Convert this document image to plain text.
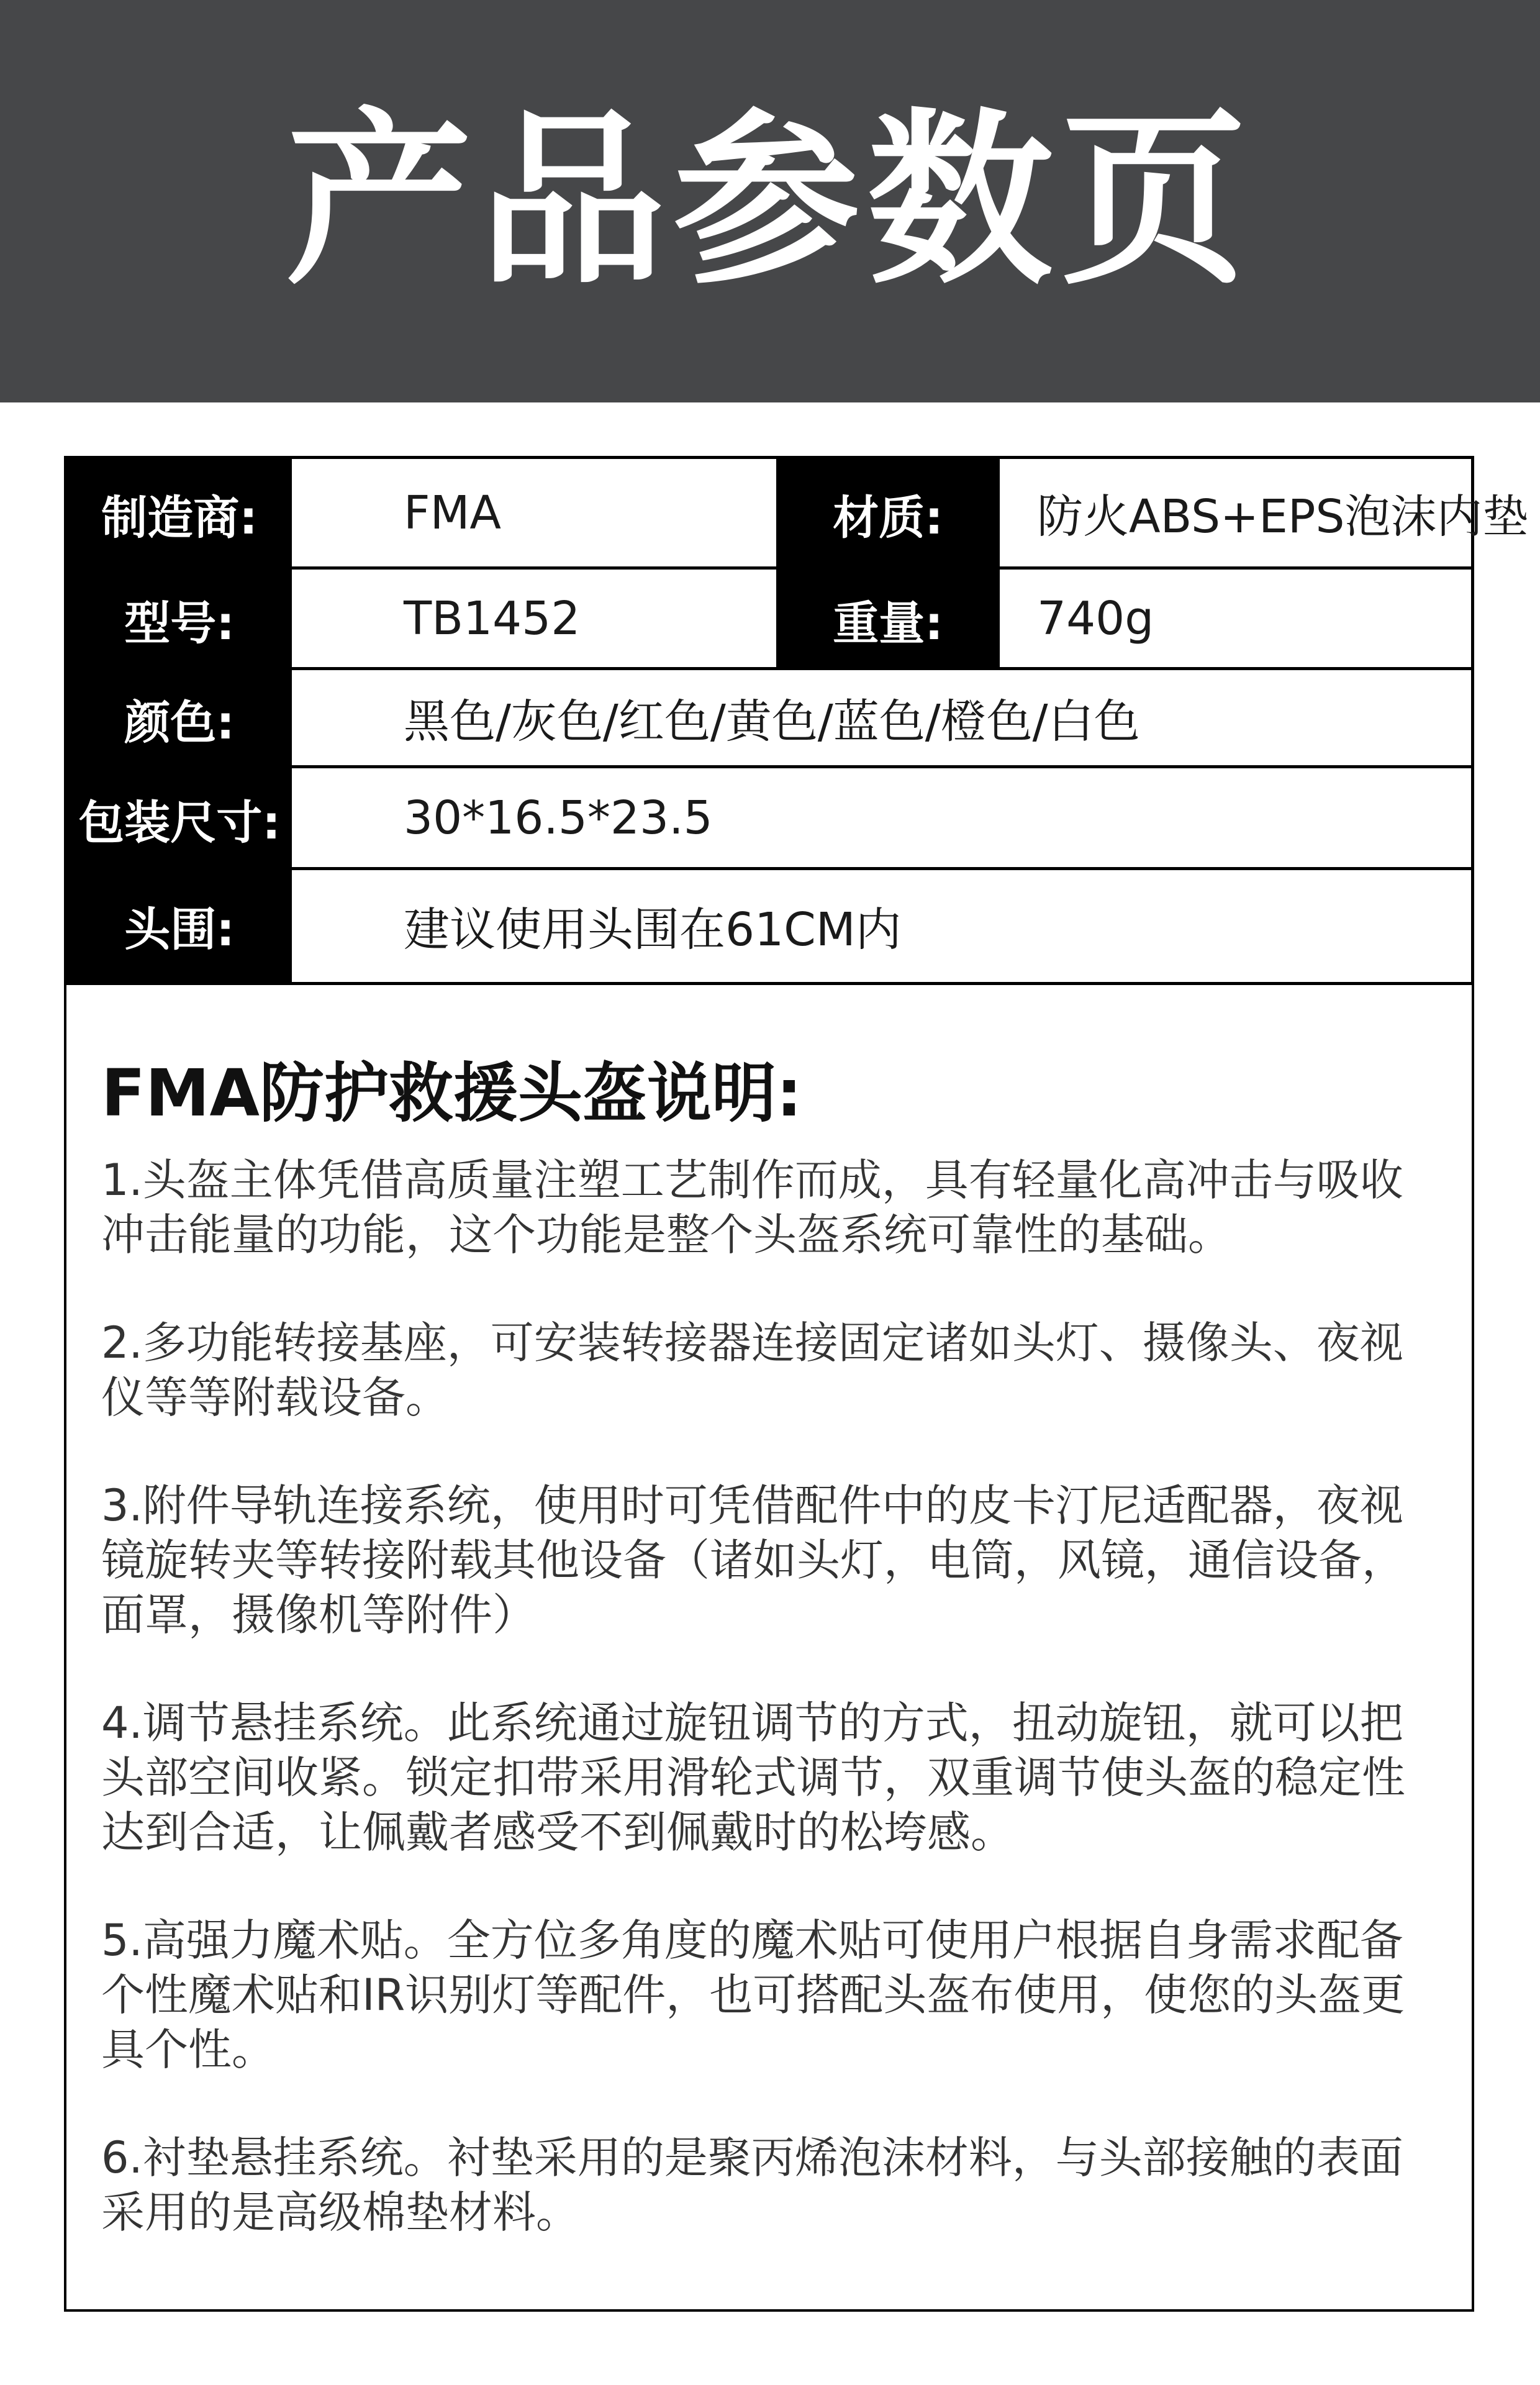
产品参数页
制造商:	FMA	材质:	防火ABS+EPS泡沫内垫
型号:	TB1452	重量:	740g
颜色:	黑色/灰色/红色/黄色/蓝色/橙色/白色
包装尺寸:	30*16.5*23.5
头围:	建议使用头围在61CM内
FMA防护救援头盔说明:

1.头盔主体凭借高质量注塑工艺制作而成，具有轻量化高冲击与吸收冲击能量的功能，这个功能是整个头盔系统可靠性的基础。

2.多功能转接基座，可安装转接器连接固定诸如头灯、摄像头、夜视仪等等附载设备。

3.附件导轨连接系统，使用时可凭借配件中的皮卡汀尼适配器，夜视镜旋转夹等转接附载其他设备（诸如头灯，电筒，风镜，通信设备，面罩，摄像机等附件）

4.调节悬挂系统。此系统通过旋钮调节的方式，扭动旋钮，就可以把头部空间收紧。锁定扣带采用滑轮式调节，双重调节使头盔的稳定性达到合适，让佩戴者感受不到佩戴时的松垮感。

5.高强力魔术贴。全方位多角度的魔术贴可使用户根据自身需求配备个性魔术贴和IR识别灯等配件，也可搭配头盔布使用，使您的头盔更具个性。

6.衬垫悬挂系统。衬垫采用的是聚丙烯泡沫材料，与头部接触的表面采用的是高级棉垫材料。
